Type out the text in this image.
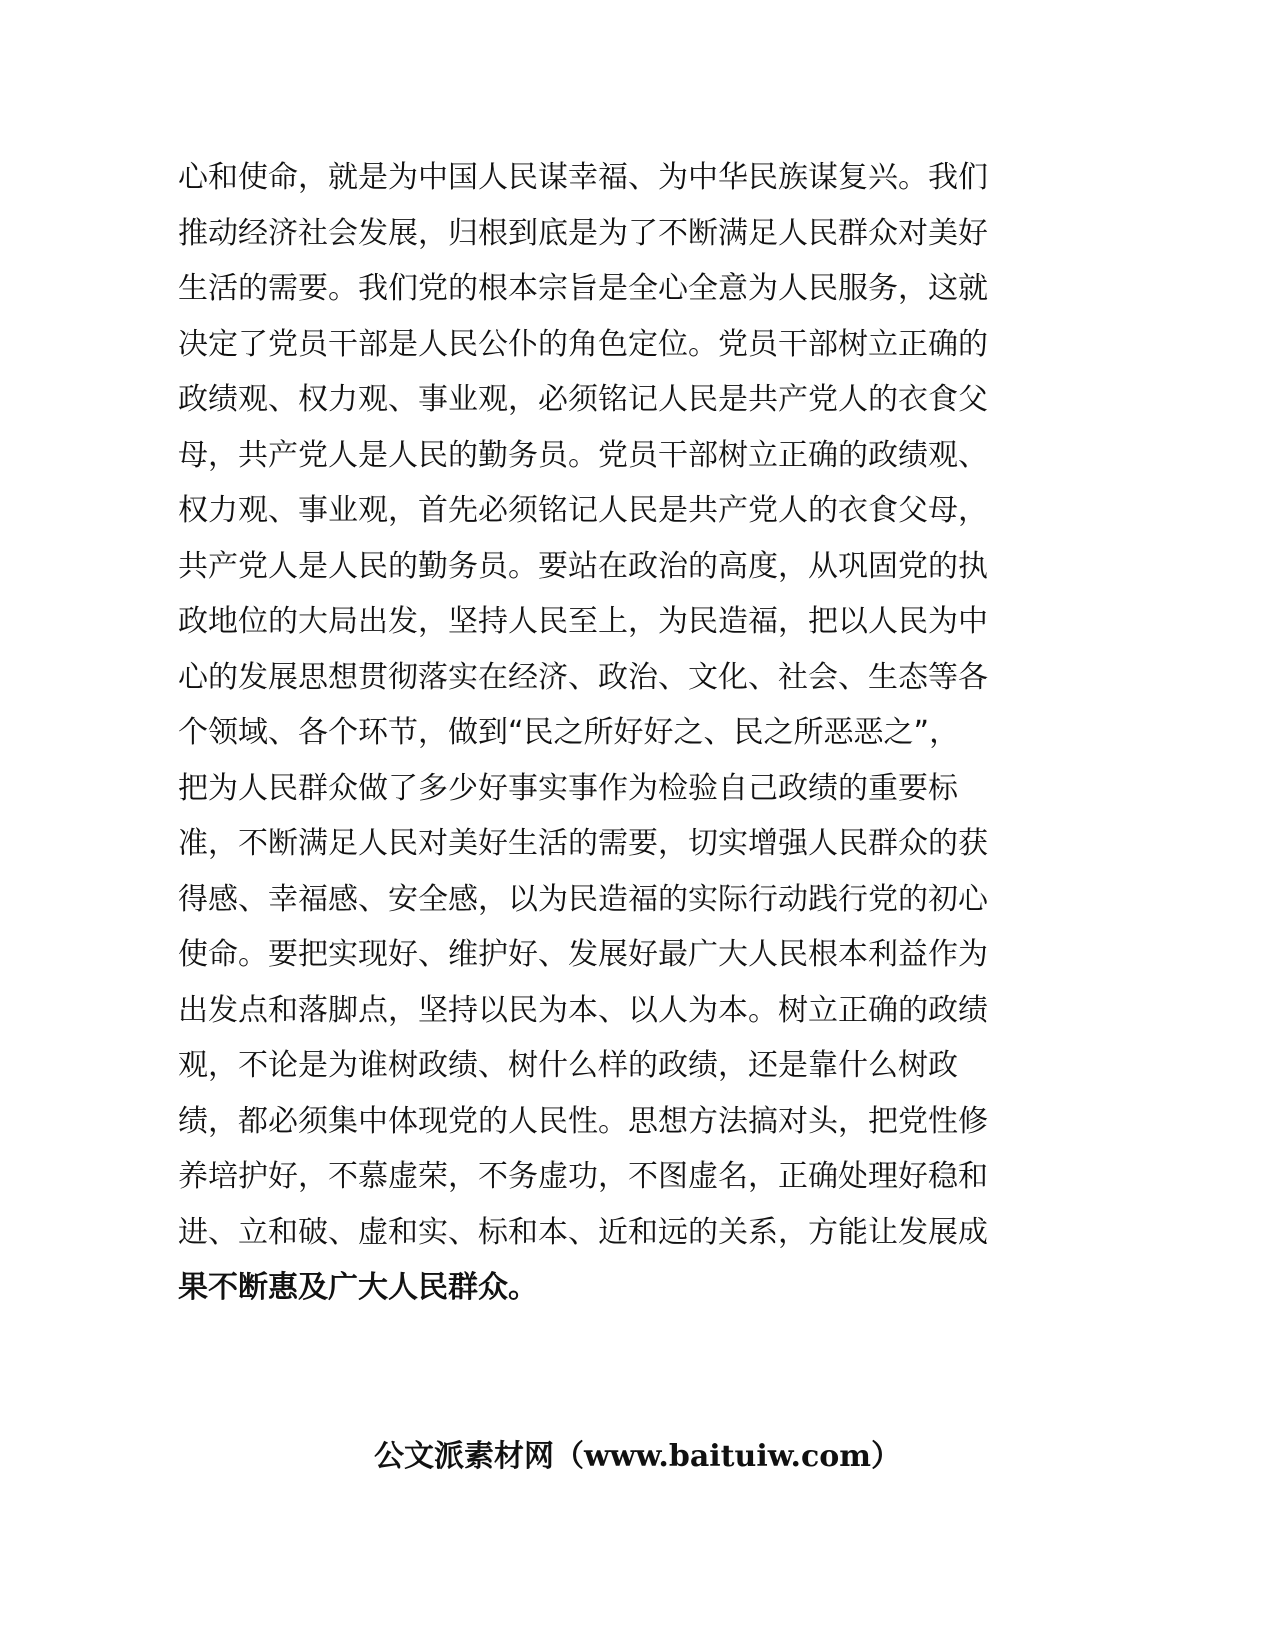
心和使命，就是为中国人民谋幸福、为中华民族谋复兴。我们
推动经济社会发展，归根到底是为了不断满足人民群众对美好
生活的需要。我们党的根本宗旨是全心全意为人民服务，这就
决定了党员干部是人民公仆的角色定位。党员干部树立正确的
政绩观、权力观、事业观，必须铭记人民是共产党人的衣食父
母，共产党人是人民的勤务员。党员干部树立正确的政绩观、
权力观、事业观，首先必须铭记人民是共产党人的衣食父母，
共产党人是人民的勤务员。要站在政治的高度，从巩固党的执
政地位的大局出发，坚持人民至上，为民造福，把以人民为中
心的发展思想贯彻落实在经济、政治、文化、社会、生态等各
个领域、各个环节，做到“民之所好好之、民之所恶恶之”，
把为人民群众做了多少好事实事作为检验自己政绩的重要标
准，不断满足人民对美好生活的需要，切实增强人民群众的获
得感、幸福感、安全感，以为民造福的实际行动践行党的初心
使命。要把实现好、维护好、发展好最广大人民根本利益作为
出发点和落脚点，坚持以民为本、以人为本。树立正确的政绩
观，不论是为谁树政绩、树什么样的政绩，还是靠什么树政
绩，都必须集中体现党的人民性。思想方法搞对头，把党性修
养培护好，不慕虚荣，不务虚功，不图虚名，正确处理好稳和
进、立和破、虚和实、标和本、近和远的关系，方能让发展成
果不断惠及广大人民群众。
公文派素材网（www.baituiw.com）
